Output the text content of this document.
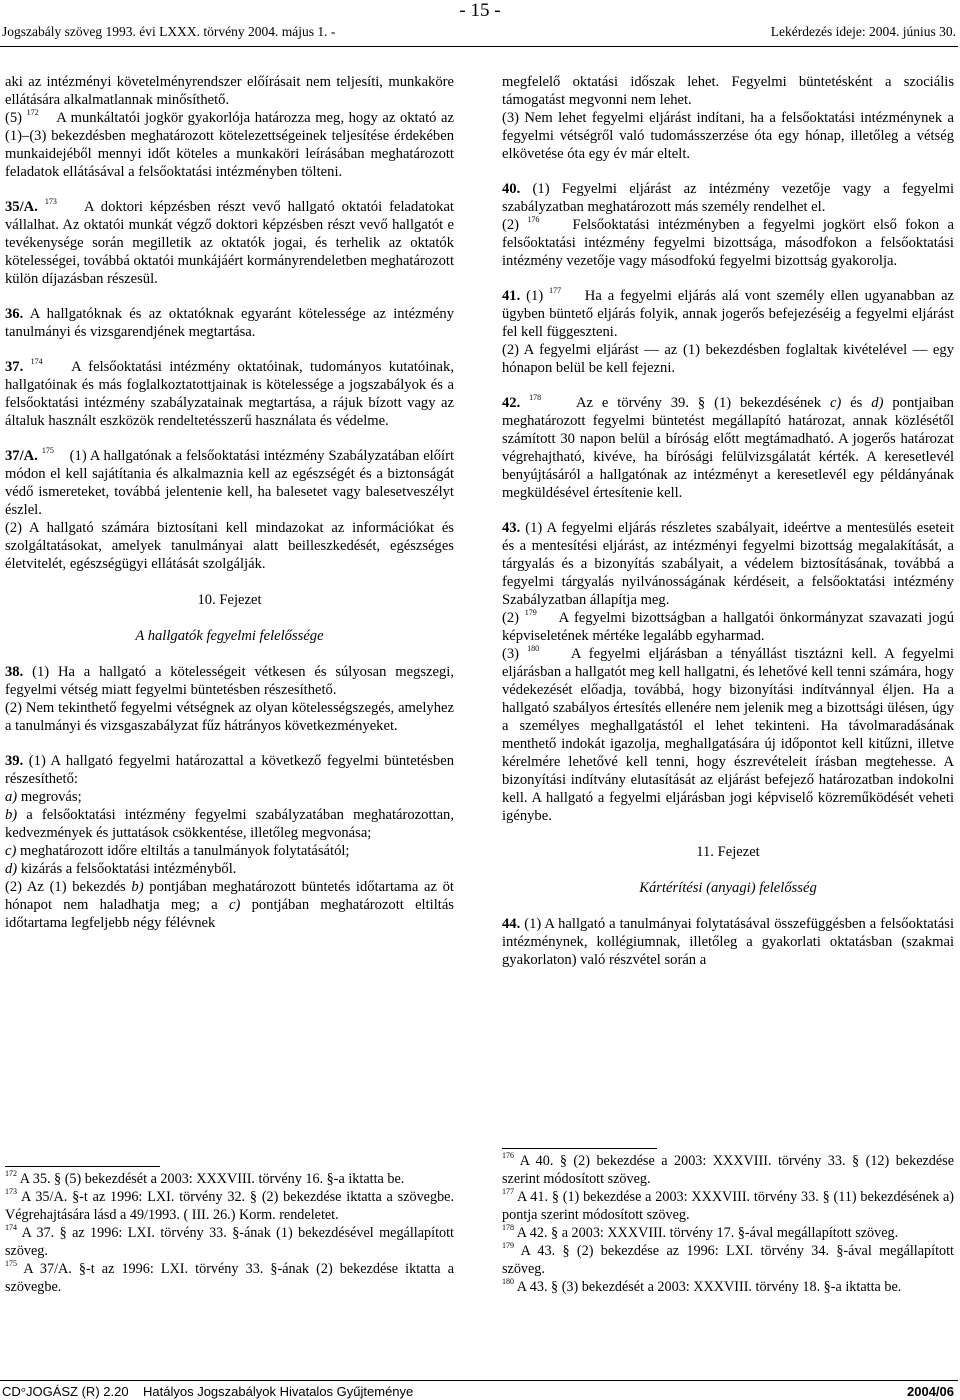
- 15 -
Jogszabály szöveg 1993. évi LXXX. törvény 2004. május 1. -	Lekérdezés ideje: 2004. június 30.

aki az intézményi követelményrendszer előírásait nem teljesíti, munkaköre ellátására alkalmatlannak minősíthető.

(5) $^{172}$ A munkáltatói jogkör gyakorlója határozza meg, hogy az oktató az (1)–(3) bekezdésben meghatározott kötelezettségeinek teljesítése érdekében munkaidejéből mennyi időt köteles a munkaköri leírásában meghatározott feladatok ellátásával a felsőoktatási intézményben tölteni.

35/A. $^{173}$ A doktori képzésben részt vevő hallgató oktatói feladatokat vállalhat. Az oktatói munkát végző doktori képzésben részt vevő hallgatót e tevékenysége során megilletik az oktatók jogai, és terhelik az oktatók kötelességei, továbbá oktatói munkájáért kormányrendeletben meghatározott külön díjazásban részesül.

36. A hallgatóknak és az oktatóknak egyaránt kötelessége az intézmény tanulmányi és vizsgarendjének megtartása.

37. $^{174}$ A felsőoktatási intézmény oktatóinak, tudományos kutatóinak, hallgatóinak és más foglalkoztatottjainak is kötelessége a jogszabályok és a felsőoktatási intézmény szabályzatainak megtartása, a rájuk bízott vagy az általuk használt eszközök rendeltetésszerű használata és védelme.

37/A. $^{175}$ (1) A hallgatónak a felsőoktatási intézmény Szabályzatában előírt módon el kell sajátítania és alkalmaznia kell az egészségét és a biztonságát védő ismereteket, továbbá jelentenie kell, ha balesetet vagy balesetveszélyt észlel.

(2) A hallgató számára biztosítani kell mindazokat az információkat és szolgáltatásokat, amelyek tanulmányai alatt beilleszkedését, egészséges életvitelét, egészségügyi ellátását szolgálják.

10. Fejezet

A hallgatók fegyelmi felelőssége

38. (1) Ha a hallgató a kötelességeit vétkesen és súlyosan megszegi, fegyelmi vétség miatt fegyelmi büntetésben részesíthető.

(2) Nem tekinthető fegyelmi vétségnek az olyan kötelességszegés, amelyhez a tanulmányi és vizsgaszabályzat fűz hátrányos következményeket.

39. (1) A hallgató fegyelmi határozattal a következő fegyelmi büntetésben részesíthető:

a) megrovás;

b) a felsőoktatási intézmény fegyelmi szabályzatában meghatározottan, kedvezmények és juttatások csökkentése, illetőleg megvonása;

c) meghatározott időre eltiltás a tanulmányok folytatásától;

d) kizárás a felsőoktatási intézményből.

(2) Az (1) bekezdés b) pontjában meghatározott büntetés időtartama az öt hónapot nem haladhatja meg; a c) pontjában meghatározott eltiltás időtartama legfeljebb négy félévnek

megfelelő oktatási időszak lehet. Fegyelmi büntetésként a szociális támogatást megvonni nem lehet.

(3) Nem lehet fegyelmi eljárást indítani, ha a felsőoktatási intézménynek a fegyelmi vétségről való tudomásszerzése óta egy hónap, illetőleg a vétség elkövetése óta egy év már eltelt.

40. (1) Fegyelmi eljárást az intézmény vezetője vagy a fegyelmi szabályzatban meghatározott más személy rendelhet el.

(2) $^{176}$ Felsőoktatási intézményben a fegyelmi jogkört első fokon a felsőoktatási intézmény fegyelmi bizottsága, másodfokon a felsőoktatási intézmény vezetője vagy másodfokú fegyelmi bizottság gyakorolja.

41. (1) $^{177}$ Ha a fegyelmi eljárás alá vont személy ellen ugyanabban az ügyben büntető eljárás folyik, annak jogerős befejezéséig a fegyelmi eljárást fel kell függeszteni.

(2) A fegyelmi eljárást — az (1) bekezdésben foglaltak kivételével — egy hónapon belül be kell fejezni.

42. $^{178}$ Az e törvény 39. § (1) bekezdésének c) és d) pontjaiban meghatározott fegyelmi büntetést megállapító határozat, annak közlésétől számított 30 napon belül a bíróság előtt megtámadható. A jogerős határozat végrehajtható, kivéve, ha bírósági felülvizsgálatát kérték. A keresetlevél benyújtásáról a hallgatónak az intézményt a keresetlevél egy példányának megküldésével értesítenie kell.

43. (1) A fegyelmi eljárás részletes szabályait, ideértve a mentesülés eseteit és a mentesítési eljárást, az intézményi fegyelmi bizottság megalakítását, a tárgyalás és a bizonyítás szabályait, a védelem biztosításának, továbbá a fegyelmi tárgyalás nyilvánosságának kérdéseit, a felsőoktatási intézmény Szabályzatban állapítja meg.

(2) $^{179}$ A fegyelmi bizottságban a hallgatói önkormányzat szavazati jogú képviseletének mértéke legalább egyharmad.

(3) $^{180}$ A fegyelmi eljárásban a tényállást tisztázni kell. A fegyelmi eljárásban a hallgatót meg kell hallgatni, és lehetővé kell tenni számára, hogy védekezését előadja, továbbá, hogy bizonyítási indítvánnyal éljen. Ha a hallgató szabályos értesítés ellenére nem jelenik meg a bizottsági ülésen, úgy a személyes meghallgatástól el lehet tekinteni. Ha távolmaradásának menthető indokát igazolja, meghallgatására új időpontot kell kitűzni, illetve kérelmére lehetővé kell tenni, hogy észrevételeit írásban megtehesse. A bizonyítási indítvány elutasítását az eljárást befejező határozatban indokolni kell. A hallgató a fegyelmi eljárásban jogi képviselő közreműködését veheti igénybe.

11. Fejezet

Kártérítési (anyagi) felelősség

44. (1) A hallgató a tanulmányai folytatásával összefüggésben a felsőoktatási intézménynek, kollégiumnak, illetőleg a gyakorlati oktatásban (szakmai gyakorlaton) való részvétel során a

$^{172}$ A 35. § (5) bekezdését a 2003: XXXVIII. törvény 16. §-a iktatta be.

$^{173}$ A 35/A. §-t az 1996: LXI. törvény 32. § (2) bekezdése iktatta a szövegbe. Végrehajtására lásd a 49/1993. ( III. 26.) Korm. rendeletet.

$^{174}$ A 37. § az 1996: LXI. törvény 33. §-ának (1) bekezdésével megállapított szöveg.

$^{175}$ A 37/A. §-t az 1996: LXI. törvény 33. §-ának (2) bekezdése iktatta a szövegbe.

$^{176}$ A 40. § (2) bekezdése a 2003: XXXVIII. törvény 33. § (12) bekezdése szerint módosított szöveg.

$^{177}$ A 41. § (1) bekezdése a 2003: XXXVIII. törvény 33. § (11) bekezdésének a) pontja szerint módosított szöveg.

$^{178}$ A 42. § a 2003: XXXVIII. törvény 17. §-ával megállapított szöveg.

$^{179}$ A 43. § (2) bekezdése az 1996: LXI. törvény 34. §-ával megállapított szöveg.

$^{180}$ A 43. § (3) bekezdését a 2003: XXXVIII. törvény 18. §-a iktatta be.

CD°JOGÁSZ (R) 2.20 Hatályos Jogszabályok Hivatalos Gyűjteménye	2004/06
